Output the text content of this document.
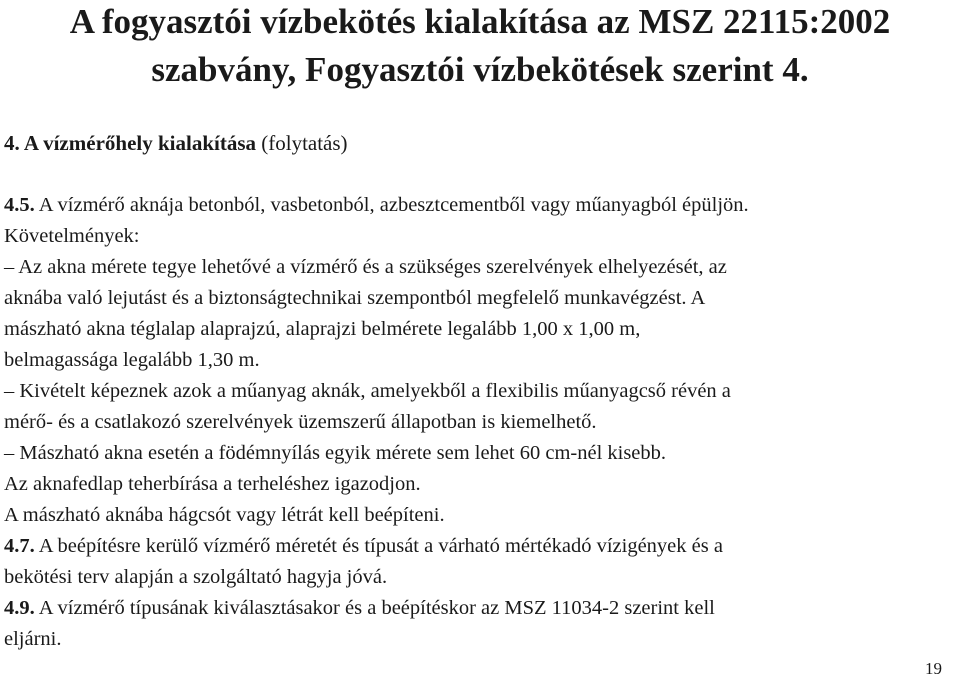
A fogyasztói vízbekötés kialakítása az MSZ 22115:2002
szabvány, Fogyasztói vízbekötések szerint 4.
4. A vízmérőhely kialakítása (folytatás)
4.5. A vízmérő aknája betonból, vasbetonból, azbesztcementből vagy műanyagból épüljön.
Követelmények:
– Az akna mérete tegye lehetővé a vízmérő és a szükséges szerelvények elhelyezését, az
aknába való lejutást és a biztonságtechnikai szempontból megfelelő munkavégzést. A
mászható akna téglalap alaprajzú, alaprajzi belmérete legalább 1,00 x 1,00 m,
belmagassága legalább 1,30 m.
– Kivételt képeznek azok a műanyag aknák, amelyekből a flexibilis műanyagcső révén a
mérő- és a csatlakozó szerelvények üzemszerű állapotban is kiemelhető.
– Mászható akna esetén a födémnyílás egyik mérete sem lehet 60 cm-nél kisebb.
Az aknafedlap teherbírása a terheléshez igazodjon.
A mászható aknába hágcsót vagy létrát kell beépíteni.
4.7. A beépítésre kerülő vízmérő méretét és típusát a várható mértékadó vízigények és a
bekötési terv alapján a szolgáltató hagyja jóvá.
4.9. A vízmérő típusának kiválasztásakor és a beépítéskor az MSZ 11034-2 szerint kell
eljárni.
19
